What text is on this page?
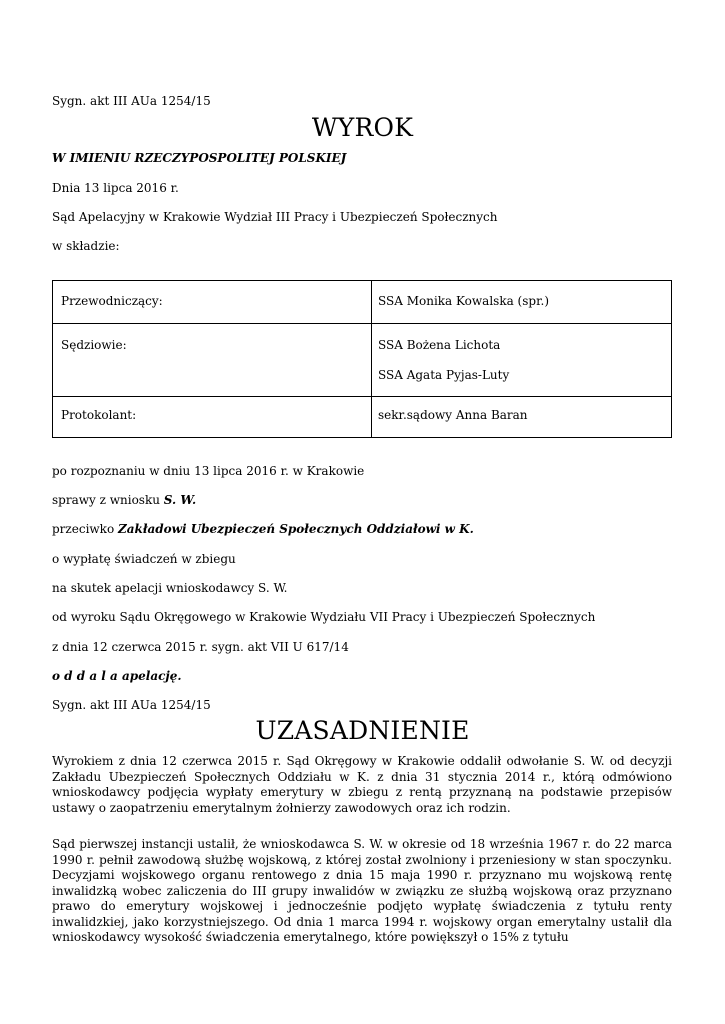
Sygn. akt III AUa 1254/15
WYROK
W IMIENIU RZECZYPOSPOLITEJ POLSKIEJ
Dnia 13 lipca 2016 r.
Sąd Apelacyjny w Krakowie Wydział III Pracy i Ubezpieczeń Społecznych
w składzie:
Przewodniczący:	SSA Monika Kowalska (spr.)

Sędziowie:	SSA Bożena Lichota
SSA Agata Pyjas-Luty

Protokolant:	sekr.sądowy Anna Baran
po rozpoznaniu w dniu 13 lipca 2016 r. w Krakowie
sprawy z wniosku S. W.
przeciwko Zakładowi Ubezpieczeń Społecznych Oddziałowi w K.
o wypłatę świadczeń w zbiegu
na skutek apelacji wnioskodawcy S. W.
od wyroku Sądu Okręgowego w Krakowie Wydziału VII Pracy i Ubezpieczeń Społecznych
z dnia 12 czerwca 2015 r. sygn. akt VII U 617/14
o d d a l a apelację.
Sygn. akt III AUa 1254/15
UZASADNIENIE
Wyrokiem z dnia 12 czerwca 2015 r. Sąd Okręgowy w Krakowie oddalił odwołanie S. W. od decyzji Zakładu Ubezpieczeń Społecznych Oddziału w K. z dnia 31 stycznia 2014 r., którą odmówiono wnioskodawcy podjęcia wypłaty emerytury w zbiegu z rentą przyznaną na podstawie przepisów ustawy o zaopatrzeniu emerytalnym żołnierzy zawodowych oraz ich rodzin.
Sąd pierwszej instancji ustalił, że wnioskodawca S. W. w okresie od 18 września 1967 r. do 22 marca 1990 r. pełnił zawodową służbę wojskową, z której został zwolniony i przeniesiony w stan spoczynku. Decyzjami wojskowego organu rentowego z dnia 15 maja 1990 r. przyznano mu wojskową rentę inwalidzką wobec zaliczenia do III grupy inwalidów w związku ze służbą wojskową oraz przyznano prawo do emerytury wojskowej i jednocześnie podjęto wypłatę świadczenia z tytułu renty inwalidzkiej, jako korzystniejszego. Od dnia 1 marca 1994 r. wojskowy organ emerytalny ustalił dla wnioskodawcy wysokość świadczenia emerytalnego, które powiększył o 15% z tytułu
